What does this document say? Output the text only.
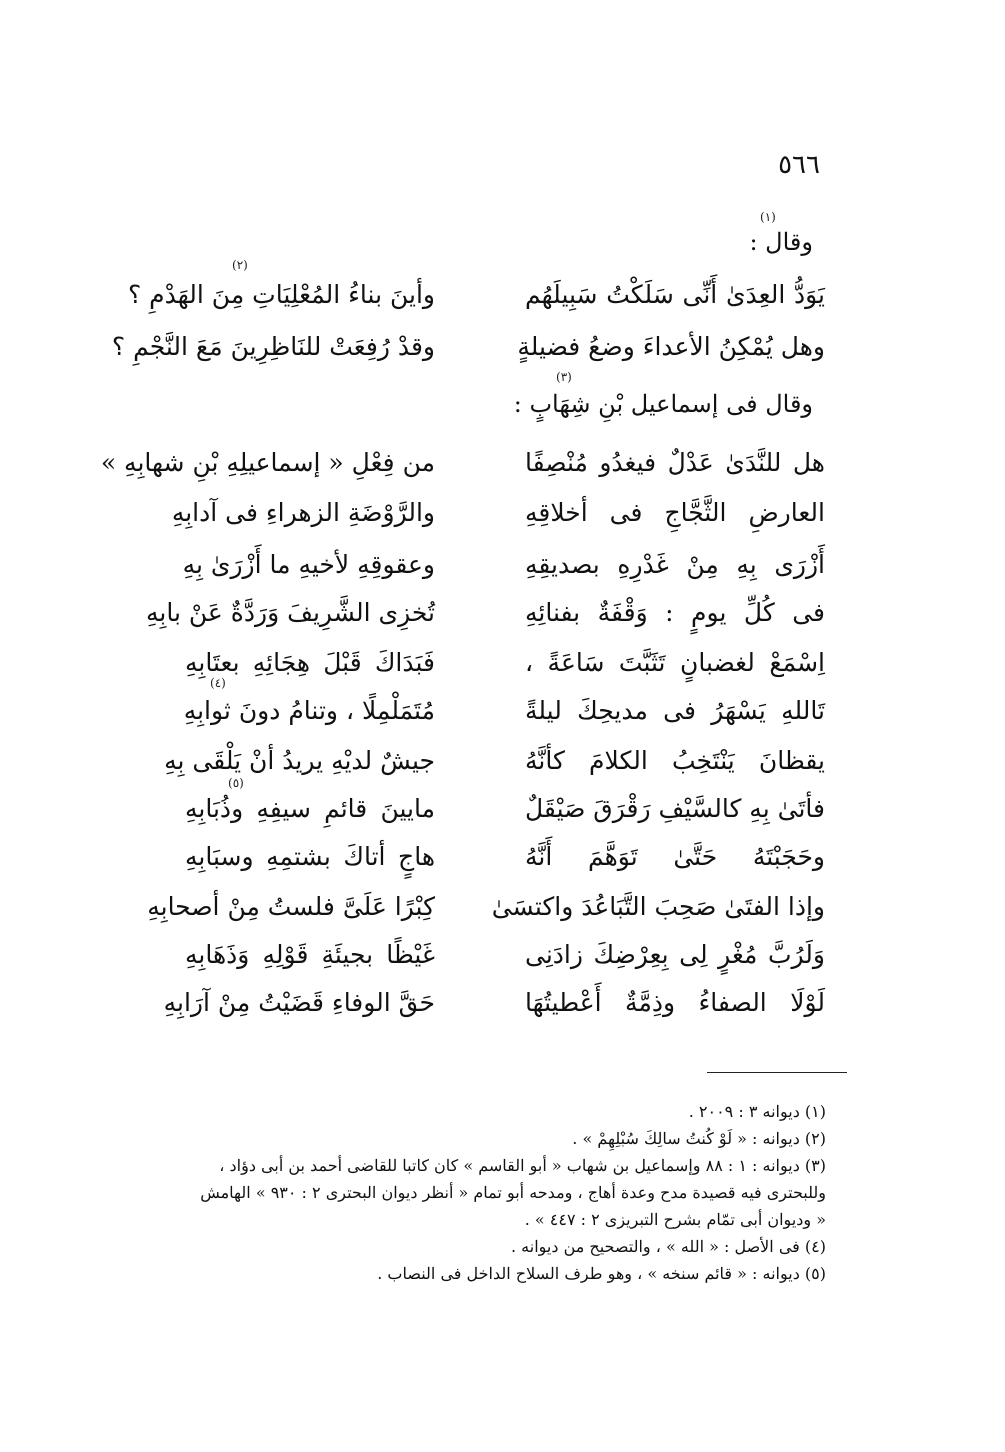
٥٦٦
(١)
وقال :
يَوَدُّ العِدَىٰ أَنِّى سَلَكْتُ سَبِيلَهُم
وأينَ بناءُ المُعْلِيَاتِ مِنَ الهَدْمِ ؟
(٢)
وهل يُمْكِنُ الأعداءَ وضعُ فضيلةٍ
وقدْ رُفِعَتْ للنَاظِرِينَ مَعَ النَّجْمِ ؟
(٣)
وقال فى إسماعيل بْنِ شِهَابٍ :
هل للنَّدَىٰ عَدْلٌ فيغدُو مُنْصِفًا
من فِعْلِ « إسماعيلِهِ بْنِ شهابِهِ »
العارضِ الثَّجَّاجِ فى أخلاقِهِ
والرَّوْضَةِ الزهراءِ فى آدابِهِ
أَزْرَى بِهِ مِنْ غَدْرِهِ بصديقِهِ
وعقوقِهِ لأخيهِ ما أَزْرَىٰ بِهِ
فى كُلِّ يومٍ : وَقْفَةٌ بفنائِهِ
تُخزِى الشَّرِيفَ وَرَدَّةٌ عَنْ بابِهِ
اِسْمَعْ لغضبانٍ تَثَبَّتَ سَاعَةً ،
فَبَدَاكَ قَبْلَ هِجَائِهِ بعتَابِهِ
تَاللهِ يَسْهَرُ فى مديحِكَ ليلةً
مُتَمَلْمِلًا ، وتنامُ دونَ ثوابِهِ
(٤)
يقظانَ يَنْتَخِبُ الكلامَ كأنَّهُ
جيشٌ لديْهِ يريدُ أنْ يَلْقَى بِهِ
فأتَىٰ بِهِ كالسَّيْفِ رَقْرَقَ صَيْقَلٌ
مايينَ قائمِ سيفِهِ وذُبَابِهِ
(٥)
وحَجَبْتَهُ حَتَّىٰ تَوَهَّمَ أَنَّهُ
هاجٍ أتاكَ بشتمِهِ وسبَابِهِ
وإذا الفتَىٰ صَحِبَ التَّبَاعُدَ واكتسَىٰ
كِبْرًا عَلَىَّ فلستُ مِنْ أصحابِهِ
وَلَرُبَّ مُغْرٍ لِى بِعِرْضِكَ زادَنِى
غَيْظًا بجيئَةِ قَوْلِهِ وَذَهَابِهِ
لَوْلَا الصفاءُ وذِمَّةٌ أَعْطيتُهَا
حَقَّ الوفاءِ قَضَيْتُ مِنْ آرَابِهِ

(١) ديوانه ٣ : ٢٠٠٩ .

(٢) ديوانه : « لَوْ كُنتُ سالِكَ سُبْلِهِمْ » .

(٣) ديوانه : ١ : ٨٨ وإسماعيل بن شهاب « أبو القاسم » كان كاتبا للقاضى أحمد بن أبى دؤاد ،

وللبحترى فيه قصيدة مدح وعدة أهاج ، ومدحه أبو تمام « أنظر ديوان البحترى ٢ : ٩٣٠ » الهامش

« وديوان أبى تمّام بشرح التبريزى ٢ : ٤٤٧ » .

(٤) فى الأصل : « الله » ، والتصحيح من ديوانه .

(٥) ديوانه : « قائم سنخه » ، وهو طرف السلاح الداخل فى النصاب .
